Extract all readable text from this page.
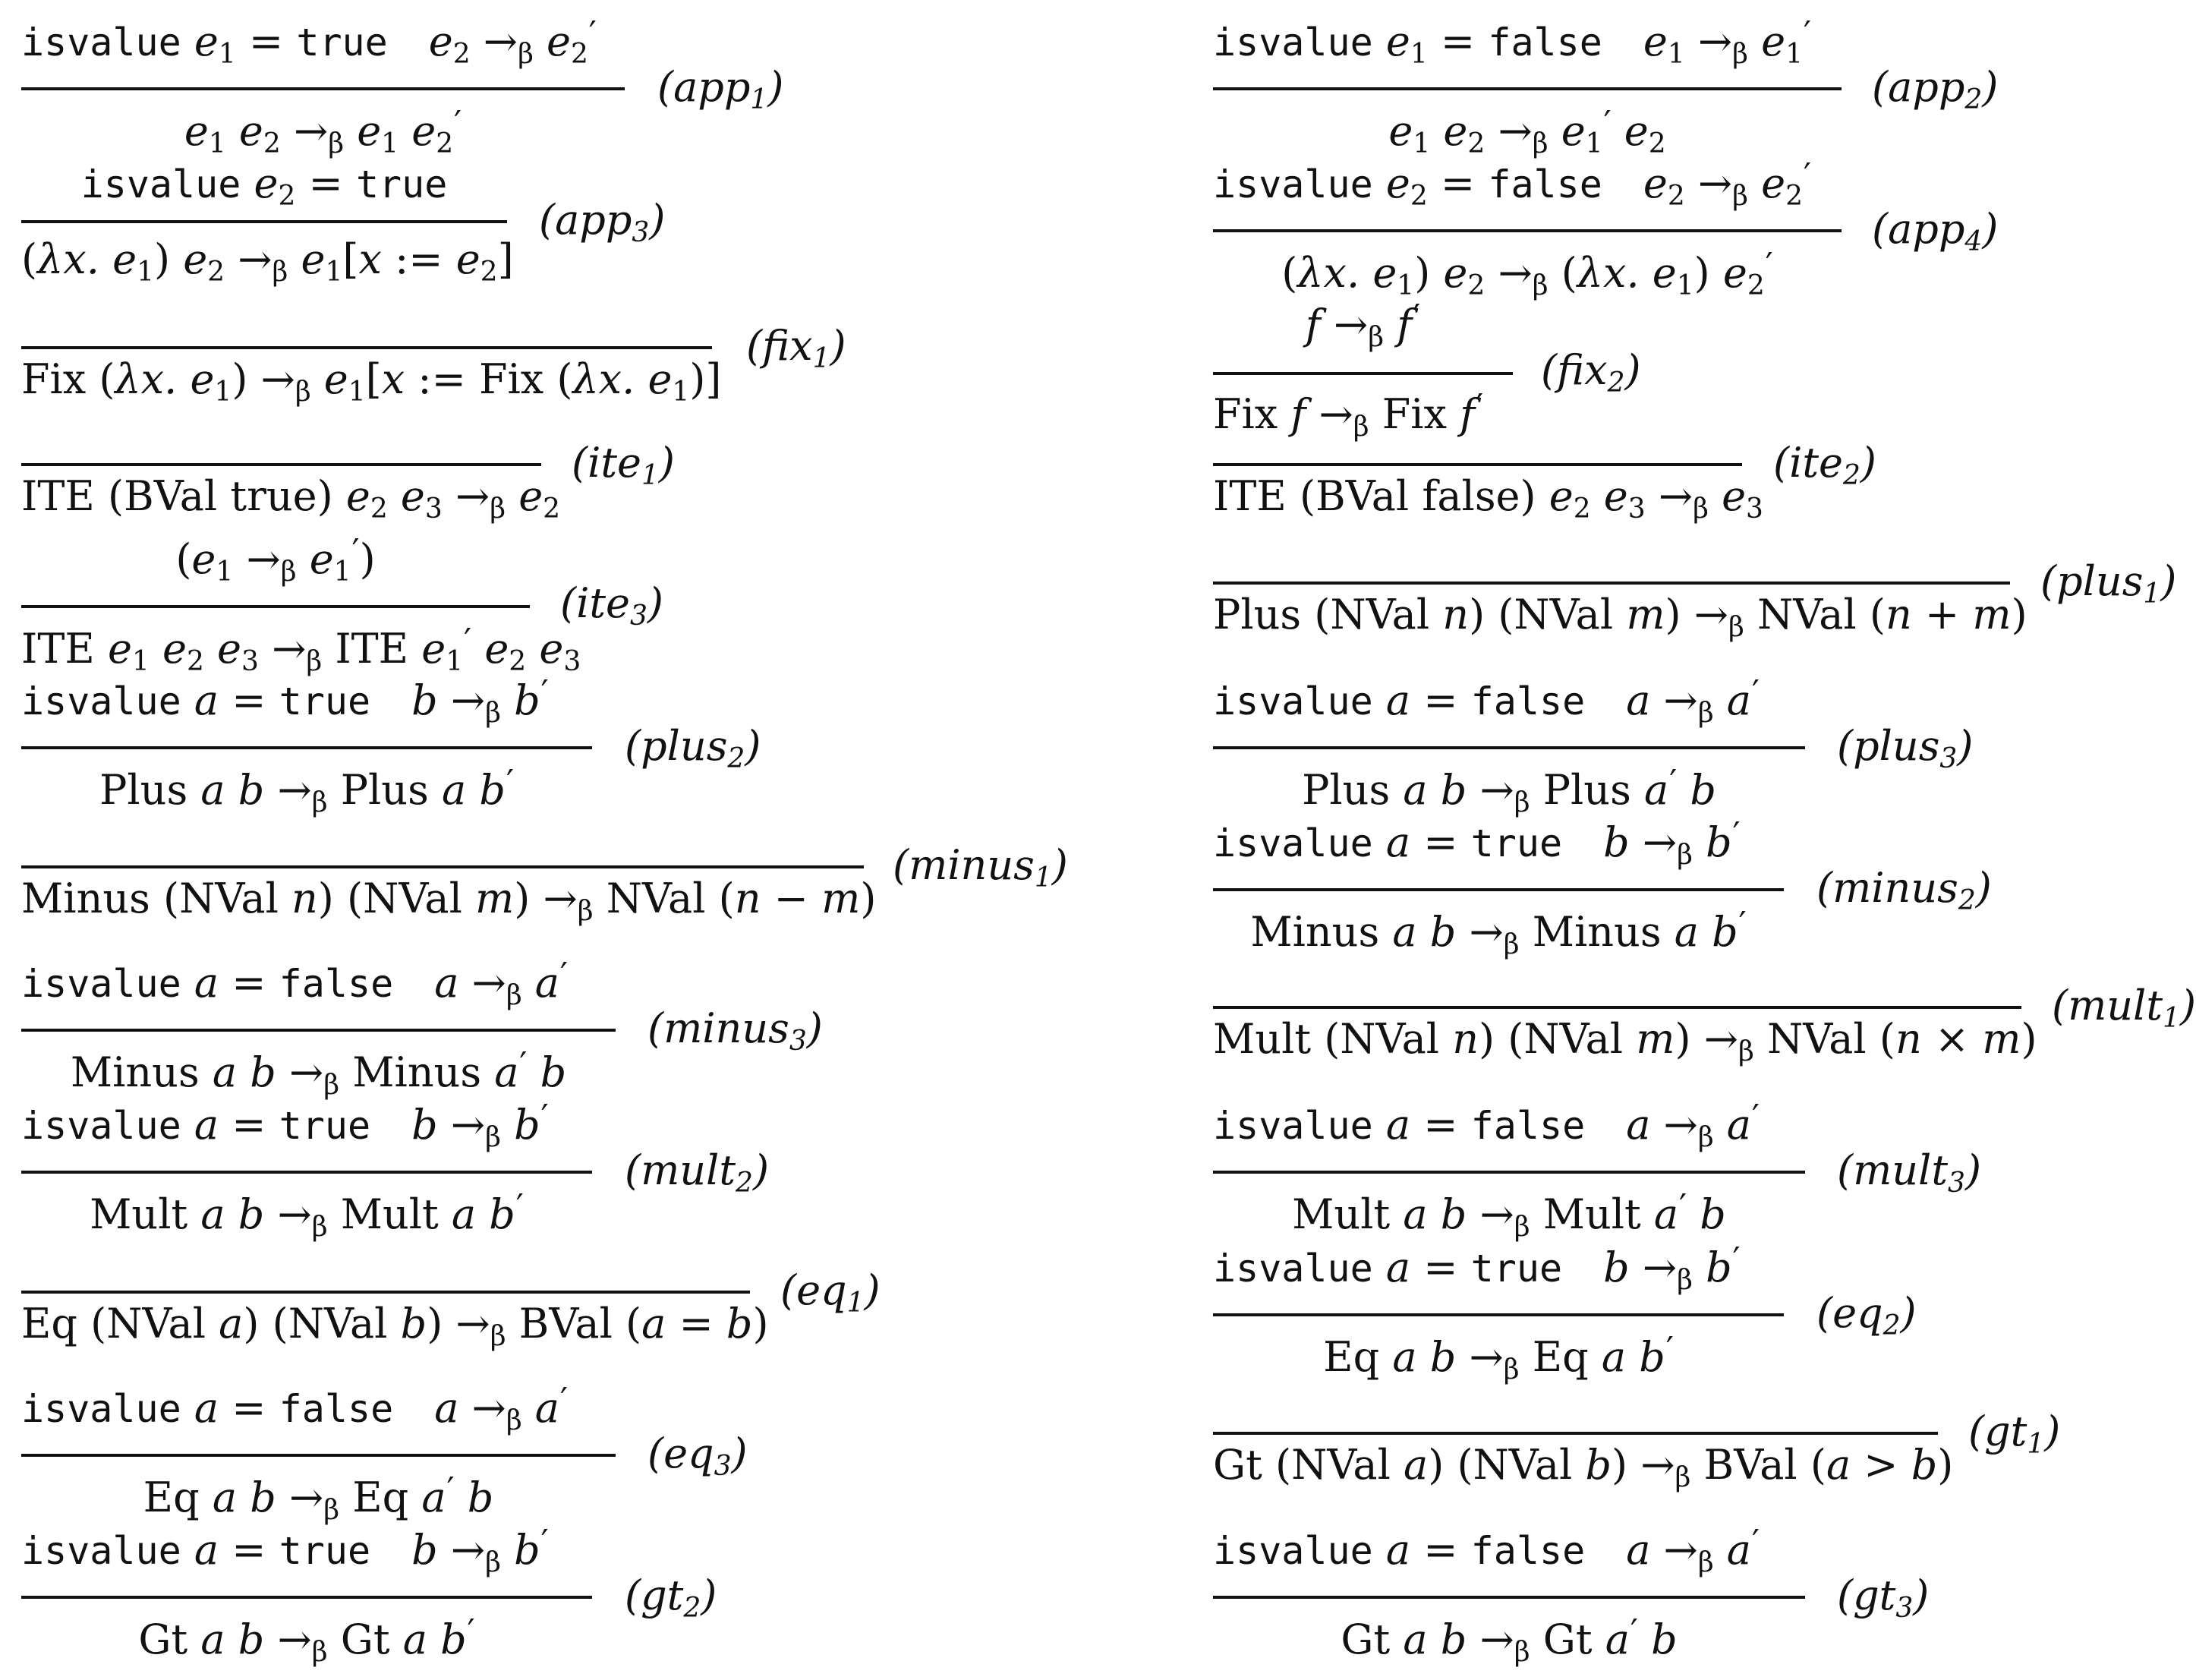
isvalue $e_1$ = true $e_2 \to_\beta$ $e_2'$
$e_1$ $e_2 \to_\beta$ $e_1$ $e_2'$
(app$_1$)
isvalue $e_2$ = true
(λx. $e_1$) $e_2 \to_\beta$ $e_1[x$ := $e_2$]
(app$_3$)
Fix (λx. $e_1) \to_\beta$ $e_1[x$ := Fix (λx. $e_1$)]
(fix$_1$)
ITE (BVal true) $e_2$ $e_3 \to_\beta$ $e_2$
(ite$_1$)
($e_1 \to_\beta$ $e_1'$)
ITE $e_1$ $e_2$ $e_3 \to_\beta$ ITE $e_1'$ $e_2$ $e_3$
(ite$_3$)
isvalue a = true $b \to_\beta$ b′
Plus a $b \to_\beta$ Plus a b′
(plus$_2$)
Minus (NVal n) (NVal $m) \to_\beta$ NVal (n − m)
(minus$_1$)
isvalue a = false $a \to_\beta$ a′
Minus a $b \to_\beta$ Minus a′ b
(minus$_3$)
isvalue a = true $b \to_\beta$ b′
Mult a $b \to_\beta$ Mult a b′
(mult$_2$)
Eq (NVal a) (NVal $b) \to_\beta$ BVal (a = b)
$(eq_1)$
isvalue a = false $a \to_\beta$ a′
Eq a $b \to_\beta$ Eq a′ b
$(eq_3)$
isvalue a = true $b \to_\beta$ b′
Gt a $b \to_\beta$ Gt a b′
$(gt_2)$
isvalue $e_1$ = false $e_1 \to_\beta$ $e_1'$
$e_1$ $e_2 \to_\beta$ $e_1'$ $e_2$
(app$_2$)
isvalue $e_2$ = false $e_2 \to_\beta$ $e_2'$
(λx. $e_1$) $e_2 \to_\beta$ (λx. $e_1$) $e_2'$
(app$_4$)
$f \to_\beta$ f′
Fix $f \to_\beta$ Fix f′
(fix$_2$)
ITE (BVal false) $e_2$ $e_3 \to_\beta$ $e_3$
(ite$_2$)
Plus (NVal n) (NVal $m) \to_\beta$ NVal (n + m)
(plus$_1$)
isvalue a = false $a \to_\beta$ a′
Plus a $b \to_\beta$ Plus a′ b
(plus$_3$)
isvalue a = true $b \to_\beta$ b′
Minus a $b \to_\beta$ Minus a b′
(minus$_2$)
Mult (NVal n) (NVal $m) \to_\beta$ NVal (n × m)
(mult$_1$)
isvalue a = false $a \to_\beta$ a′
Mult a $b \to_\beta$ Mult a′ b
(mult$_3$)
isvalue a = true $b \to_\beta$ b′
Eq a $b \to_\beta$ Eq a b′
$(eq_2)$
Gt (NVal a) (NVal $b) \to_\beta$ BVal (a > b)
$(gt_1)$
isvalue a = false $a \to_\beta$ a′
Gt a $b \to_\beta$ Gt a′ b
$(gt_3)$
